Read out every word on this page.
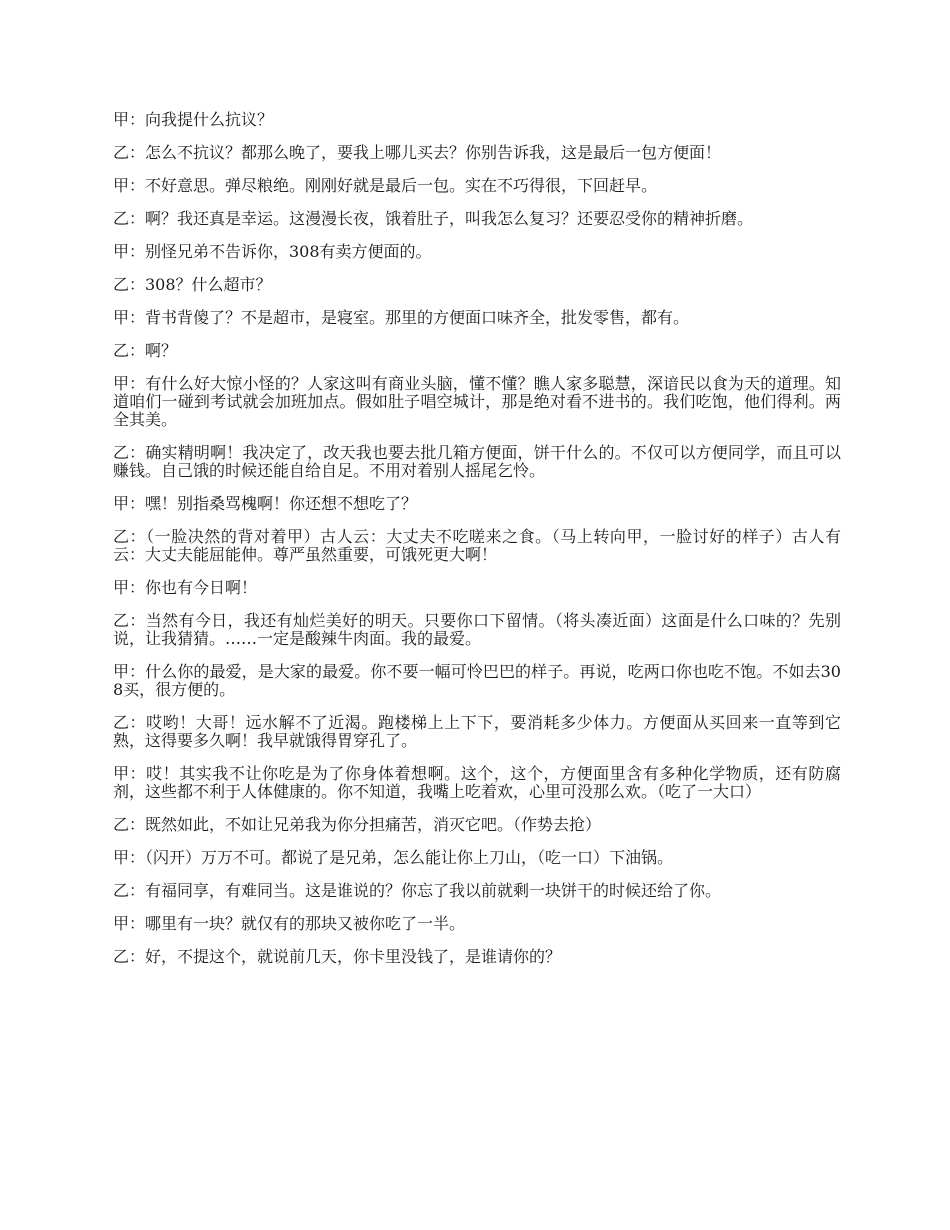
甲：向我提什么抗议？

乙：怎么不抗议？都那么晚了，要我上哪儿买去？你别告诉我，这是最后一包方便面！

甲：不好意思。弹尽粮绝。刚刚好就是最后一包。实在不巧得很，下回赶早。

乙：啊？我还真是幸运。这漫漫长夜，饿着肚子，叫我怎么复习？还要忍受你的精神折磨。

甲：别怪兄弟不告诉你，308有卖方便面的。

乙：308？什么超市？

甲：背书背傻了？不是超市，是寝室。那里的方便面口味齐全，批发零售，都有。

乙：啊？

甲：有什么好大惊小怪的？人家这叫有商业头脑，懂不懂？瞧人家多聪慧，深谙民以食为天的道理。知道咱们一碰到考试就会加班加点。假如肚子唱空城计，那是绝对看不进书的。我们吃饱，他们得利。两全其美。

乙：确实精明啊！我决定了，改天我也要去批几箱方便面，饼干什么的。不仅可以方便同学，而且可以赚钱。自己饿的时候还能自给自足。不用对着别人摇尾乞怜。

甲：嘿！别指桑骂槐啊！你还想不想吃了？

乙：（一脸决然的背对着甲）古人云：大丈夫不吃嗟来之食。（马上转向甲，一脸讨好的样子）古人有云：大丈夫能屈能伸。尊严虽然重要，可饿死更大啊！

甲：你也有今日啊！

乙：当然有今日，我还有灿烂美好的明天。只要你口下留情。（将头凑近面）这面是什么口味的？先别说，让我猜猜。……一定是酸辣牛肉面。我的最爱。

甲：什么你的最爱，是大家的最爱。你不要一幅可怜巴巴的样子。再说，吃两口你也吃不饱。不如去308买，很方便的。

乙：哎哟！大哥！远水解不了近渴。跑楼梯上上下下，要消耗多少体力。方便面从买回来一直等到它熟，这得要多久啊！我早就饿得胃穿孔了。

甲：哎！其实我不让你吃是为了你身体着想啊。这个，这个，方便面里含有多种化学物质，还有防腐剂，这些都不利于人体健康的。你不知道，我嘴上吃着欢，心里可没那么欢。（吃了一大口）

乙：既然如此，不如让兄弟我为你分担痛苦，消灭它吧。（作势去抢）

甲：（闪开）万万不可。都说了是兄弟，怎么能让你上刀山，（吃一口）下油锅。

乙：有福同享，有难同当。这是谁说的？你忘了我以前就剩一块饼干的时候还给了你。

甲：哪里有一块？就仅有的那块又被你吃了一半。

乙：好，不提这个，就说前几天，你卡里没钱了，是谁请你的？
